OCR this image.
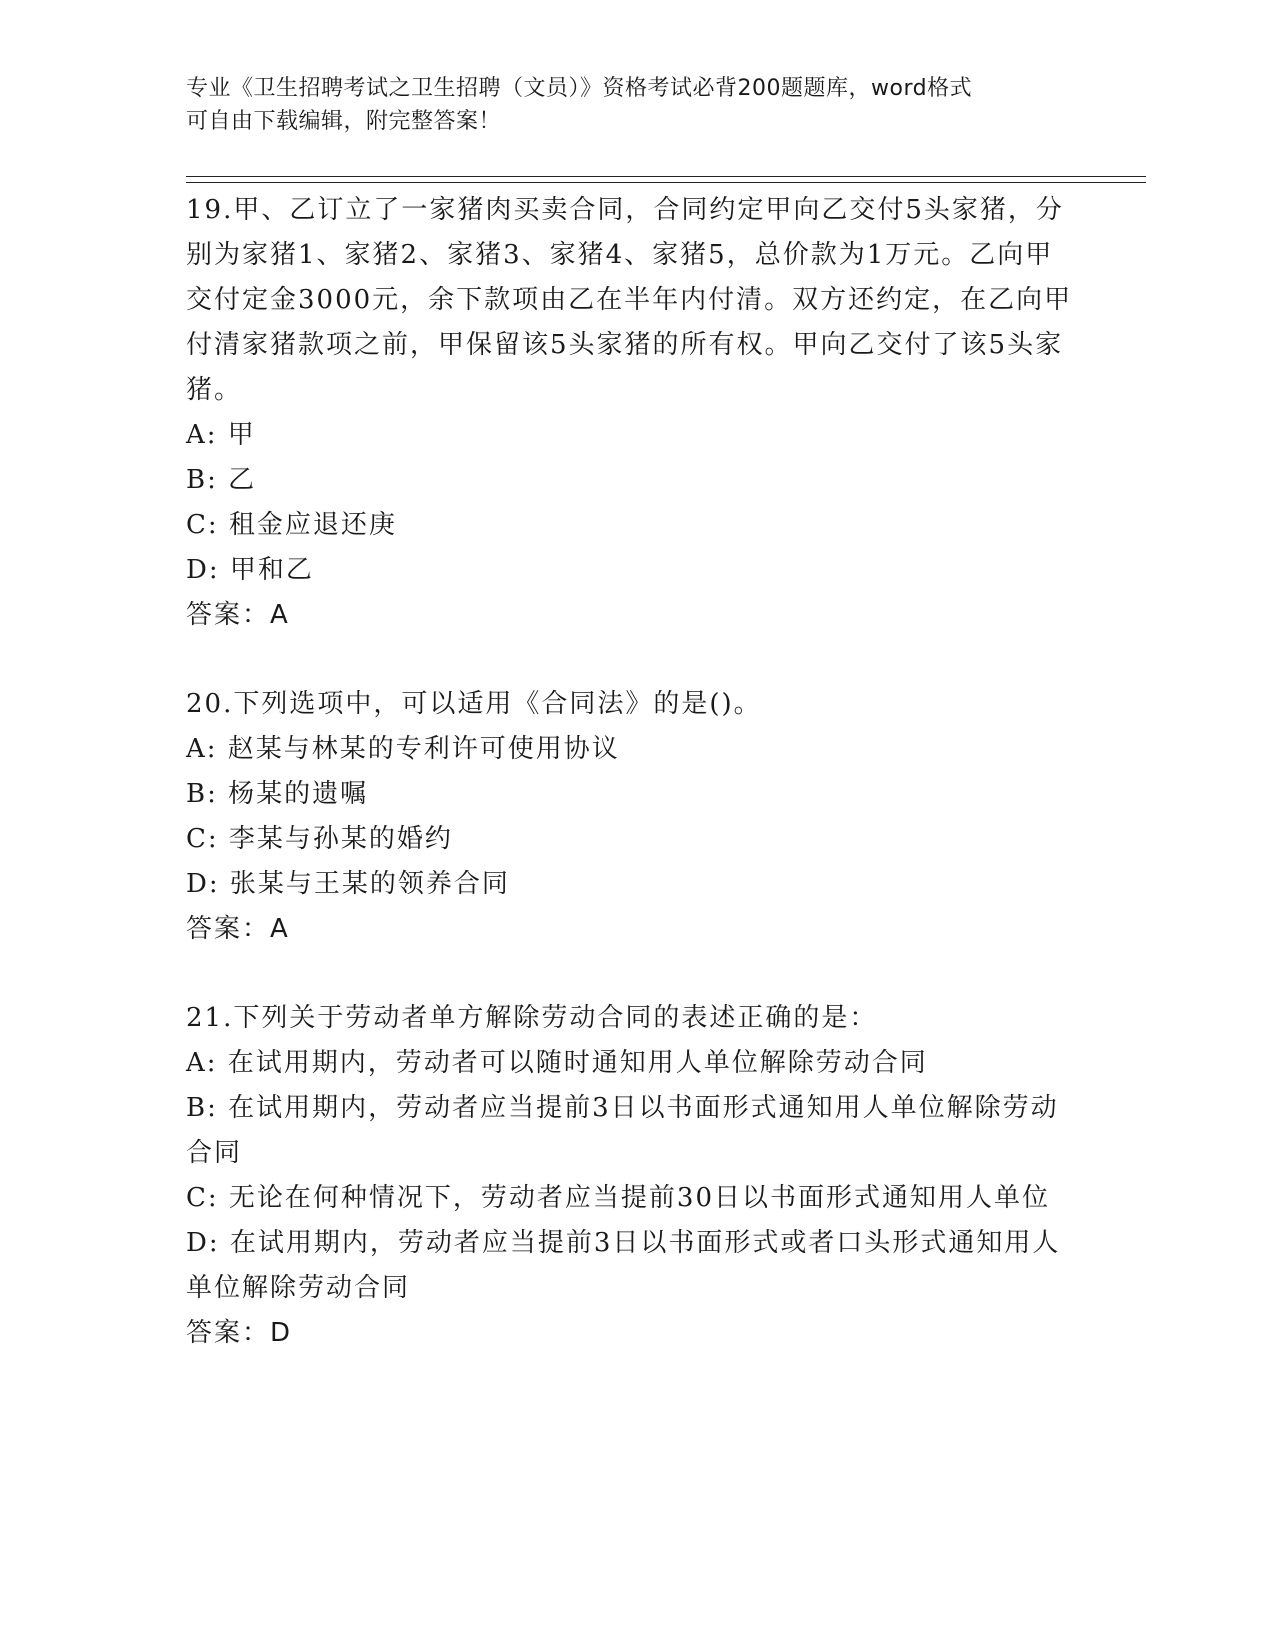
专业《卫生招聘考试之卫生招聘（文员）》资格考试必背200题题库，word格式
可自由下载编辑，附完整答案！

19.甲、乙订立了一家猪肉买卖合同，合同约定甲向乙交付5头家猪，分别为家猪1、家猪2、家猪3、家猪4、家猪5，总价款为1万元。乙向甲交付定金3000元，余下款项由乙在半年内付清。双方还约定，在乙向甲付清家猪款项之前，甲保留该5头家猪的所有权。甲向乙交付了该5头家猪。

A: 甲

B: 乙

C: 租金应退还庚

D: 甲和乙

答案：A

20.下列选项中，可以适用《合同法》的是()。

A: 赵某与林某的专利许可使用协议

B: 杨某的遗嘱

C: 李某与孙某的婚约

D: 张某与王某的领养合同

答案：A

21.下列关于劳动者单方解除劳动合同的表述正确的是：

A: 在试用期内，劳动者可以随时通知用人单位解除劳动合同

B: 在试用期内，劳动者应当提前3日以书面形式通知用人单位解除劳动合同

C: 无论在何种情况下，劳动者应当提前30日以书面形式通知用人单位

D: 在试用期内，劳动者应当提前3日以书面形式或者口头形式通知用人单位解除劳动合同

答案：D
